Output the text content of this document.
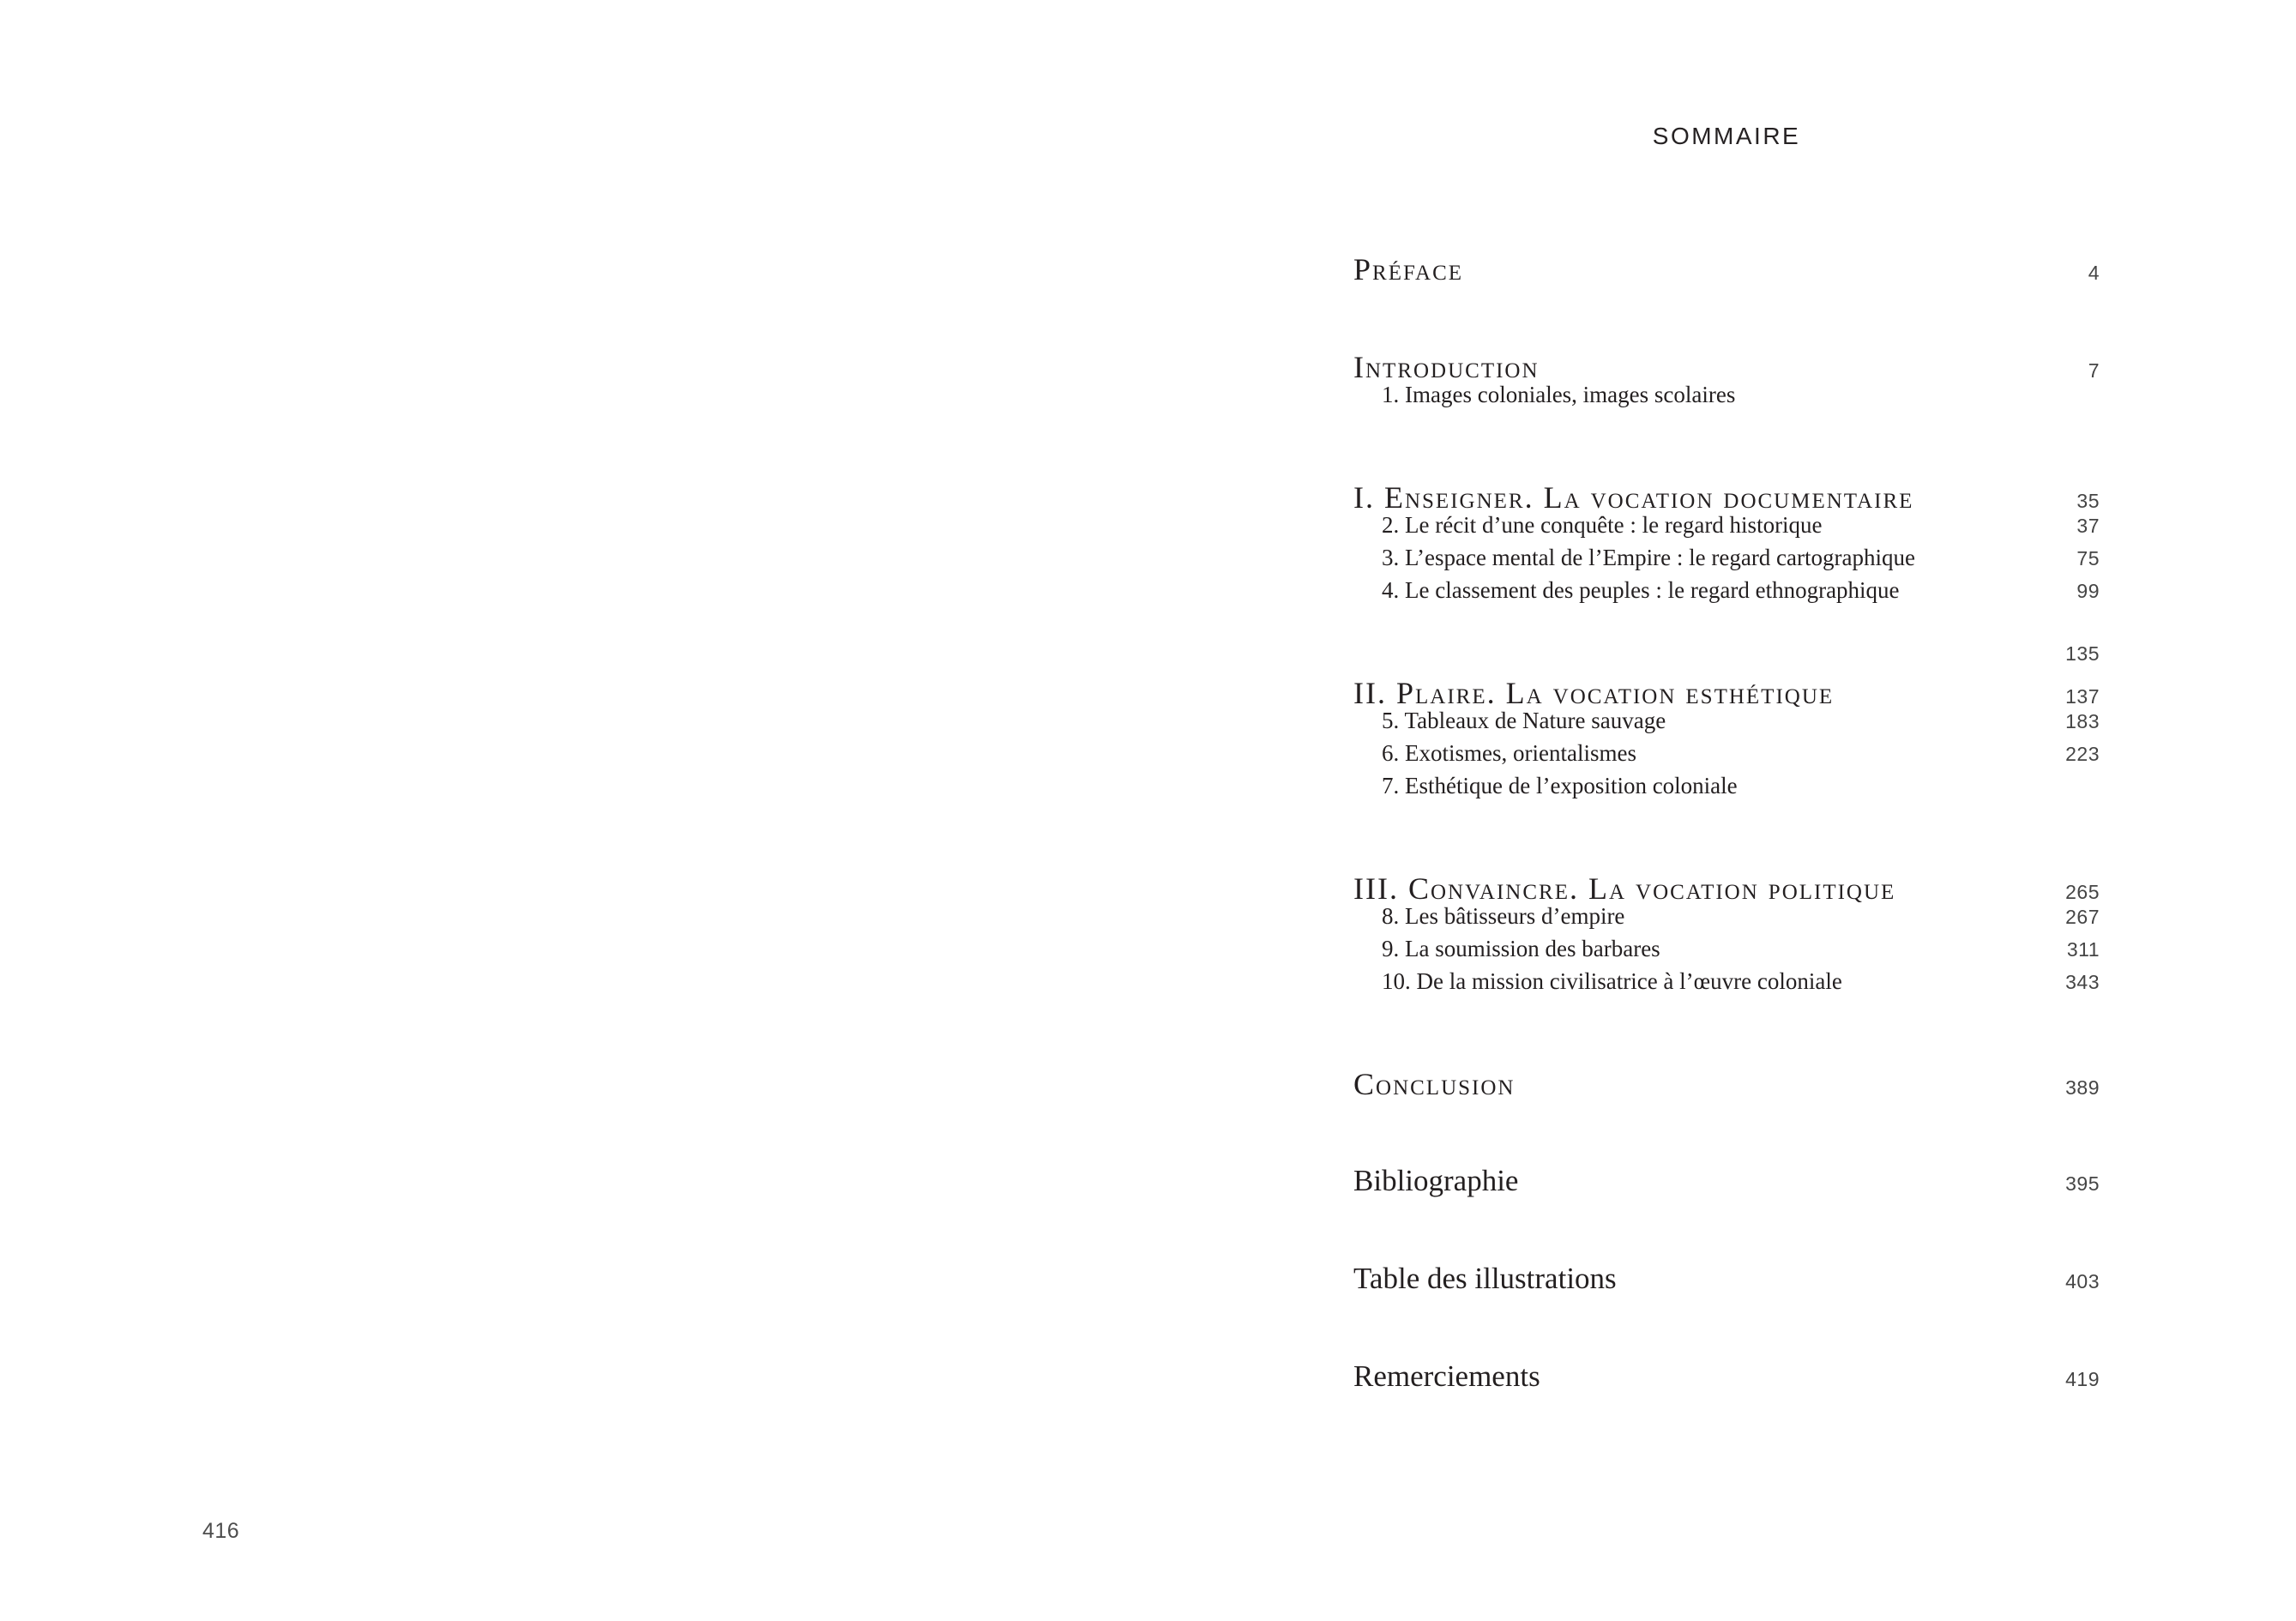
SOMMAIRE
Préface	4
Introduction	7
1. Images coloniales, images scolaires
I. Enseigner. La vocation documentaire	35
2. Le récit d’une conquête : le regard historique	37
3. L’espace mental de l’Empire : le regard cartographique	75
4. Le classement des peuples : le regard ethnographique	99
135
II. Plaire. La vocation esthétique	137
5. Tableaux de Nature sauvage	183
6. Exotismes, orientalismes	223
7. Esthétique de l’exposition coloniale
III. Convaincre. La vocation politique	265
8. Les bâtisseurs d’empire	267
9. La soumission des barbares	311
10. De la mission civilisatrice à l’œuvre coloniale	343
Conclusion	389
Bibliographie	395
Table des illustrations	403
Remerciements	419
416
